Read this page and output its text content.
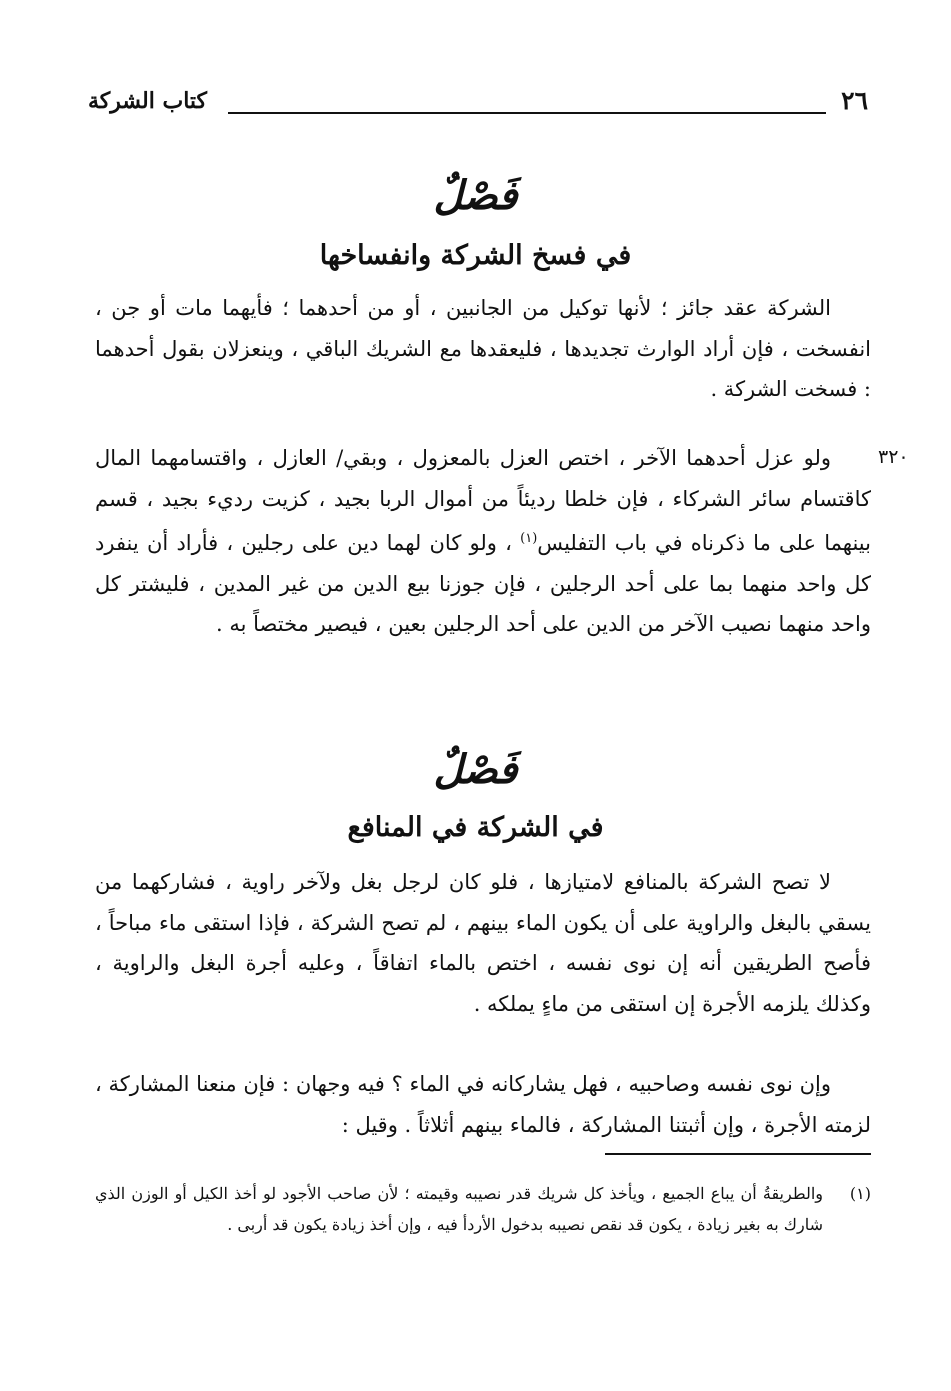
٢٦
كتاب الشركة
فَصْلٌ
في فسخ الشركة وانفساخها
الشركة عقد جائز ؛ لأنها توكيل من الجانبين ، أو من أحدهما ؛ فأيهما مات أو جن ، انفسخت ، فإن أراد الوارث تجديدها ، فليعقدها مع الشريك الباقي ، وينعزلان بقول أحدهما : فسخت الشركة .
٣٢٠
ولو عزل أحدهما الآخر ، اختص العزل بالمعزول ، وبقي/ العازل ، واقتسامهما المال كاقتسام سائر الشركاء ، فإن خلطا رديئاً من أموال الربا بجيد ، كزيت رديء بجيد ، قسم بينهما على ما ذكرناه في باب التفليس$^{(١)}$ ، ولو كان لهما دين على رجلين ، فأراد أن ينفرد كل واحد منهما بما على أحد الرجلين ، فإن جوزنا بيع الدين من غير المدين ، فليشتر كل واحد منهما نصيب الآخر من الدين على أحد الرجلين بعين ، فيصير مختصاً به .
فَصْلٌ
في الشركة في المنافع
لا تصح الشركة بالمنافع لامتيازها ، فلو كان لرجل بغل ولآخر راوية ، فشاركهما من يسقي بالبغل والراوية على أن يكون الماء بينهم ، لم تصح الشركة ، فإذا استقى ماء مباحاً ، فأصح الطريقين أنه إن نوى نفسه ، اختص بالماء اتفاقاً ، وعليه أجرة البغل والراوية ، وكذلك يلزمه الأجرة إن استقى من ماءٍ يملكه .
وإن نوى نفسه وصاحبيه ، فهل يشاركانه في الماء ؟ فيه وجهان : فإن منعنا المشاركة ، لزمته الأجرة ، وإن أثبتنا المشاركة ، فالماء بينهم أثلاثاً . وقيل :
(١)
والطريقةُ أن يباع الجميع ، ويأخذ كل شريك قدر نصيبه وقيمته ؛ لأن صاحب الأجود لو أخذ الكيل أو الوزن الذي شارك به بغير زيادة ، يكون قد نقص نصيبه بدخول الأردأ فيه ، وإن أخذ زيادة يكون قد أربى .
